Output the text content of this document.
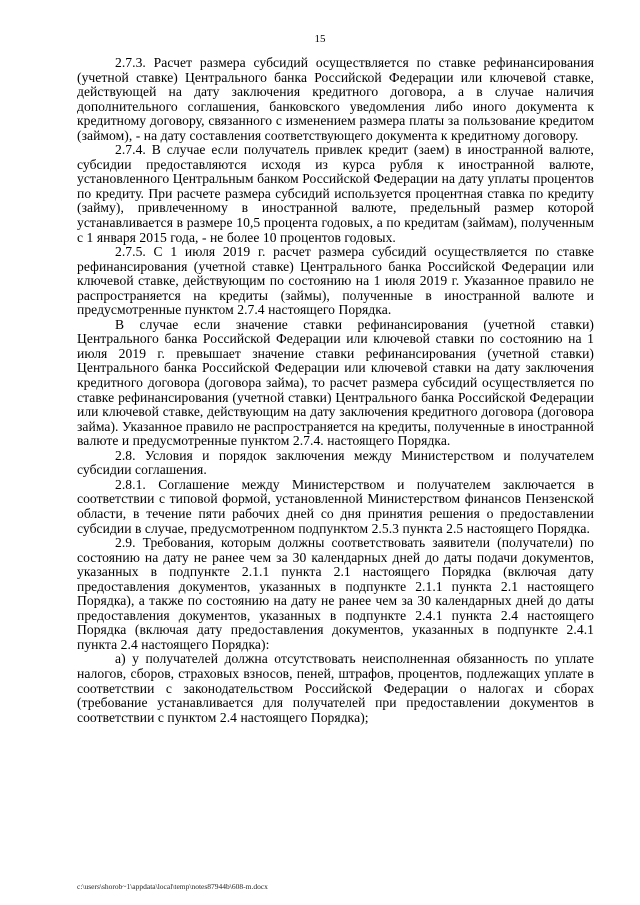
15

2.7.3. Расчет размера субсидий осуществляется по ставке рефинансирования (учетной ставке) Центрального банка Российской Федерации или ключевой ставке, действующей на дату заключения кредитного договора, а в случае наличия дополнительного соглашения, банковского уведомления либо иного документа к кредитному договору, связанного с изменением размера платы за пользование кредитом (займом), - на дату составления соответствующего документа к кредитному договору.

2.7.4. В случае если получатель привлек кредит (заем) в иностранной валюте, субсидии предоставляются исходя из курса рубля к иностранной валюте, установленного Центральным банком Российской Федерации на дату уплаты процентов по кредиту. При расчете размера субсидий используется процентная ставка по кредиту (займу), привлеченному в иностранной валюте, предельный размер которой устанавливается в размере 10,5 процента годовых, а по кредитам (займам), полученным с 1 января 2015 года, - не более 10 процентов годовых.

2.7.5. С 1 июля 2019 г. расчет размера субсидий осуществляется по ставке рефинансирования (учетной ставке) Центрального банка Российской Федерации или ключевой ставке, действующим по состоянию на 1 июля 2019 г. Указанное правило не распространяется на кредиты (займы), полученные в иностранной валюте и предусмотренные пунктом 2.7.4 настоящего Порядка.

В случае если значение ставки рефинансирования (учетной ставки) Центрального банка Российской Федерации или ключевой ставки по состоянию на 1 июля 2019 г. превышает значение ставки рефинансирования (учетной ставки) Центрального банка Российской Федерации или ключевой ставки на дату заключения кредитного договора (договора займа), то расчет размера субсидий осуществляется по ставке рефинансирования (учетной ставки) Центрального банка Российской Федерации или ключевой ставке, действующим на дату заключения кредитного договора (договора займа). Указанное правило не распространяется на кредиты, полученные в иностранной валюте и предусмотренные пунктом 2.7.4. настоящего Порядка.

2.8. Условия и порядок заключения между Министерством и получателем субсидии соглашения.

2.8.1. Соглашение между Министерством и получателем заключается в соответствии с типовой формой, установленной Министерством финансов Пензенской области, в течение пяти рабочих дней со дня принятия решения о предоставлении субсидии в случае, предусмотренном подпунктом 2.5.3 пункта 2.5 настоящего Порядка.

2.9. Требования, которым должны соответствовать заявители (получатели) по состоянию на дату не ранее чем за 30 календарных дней до даты подачи документов, указанных в подпункте 2.1.1 пункта 2.1 настоящего Порядка (включая дату предоставления документов, указанных в подпункте 2.1.1 пункта 2.1 настоящего Порядка), а также по состоянию на дату не ранее чем за 30 календарных дней до даты предоставления документов, указанных в подпункте 2.4.1 пункта 2.4 настоящего Порядка (включая дату предоставления документов, указанных в подпункте 2.4.1 пункта 2.4 настоящего Порядка):

а) у получателей должна отсутствовать неисполненная обязанность по уплате налогов, сборов, страховых взносов, пеней, штрафов, процентов, подлежащих уплате в соответствии с законодательством Российской Федерации о налогах и сборах (требование устанавливается для получателей при предоставлении документов в соответствии с пунктом 2.4 настоящего Порядка);

c:\users\shorob~1\appdata\local\temp\notes87944b\608-m.docx
